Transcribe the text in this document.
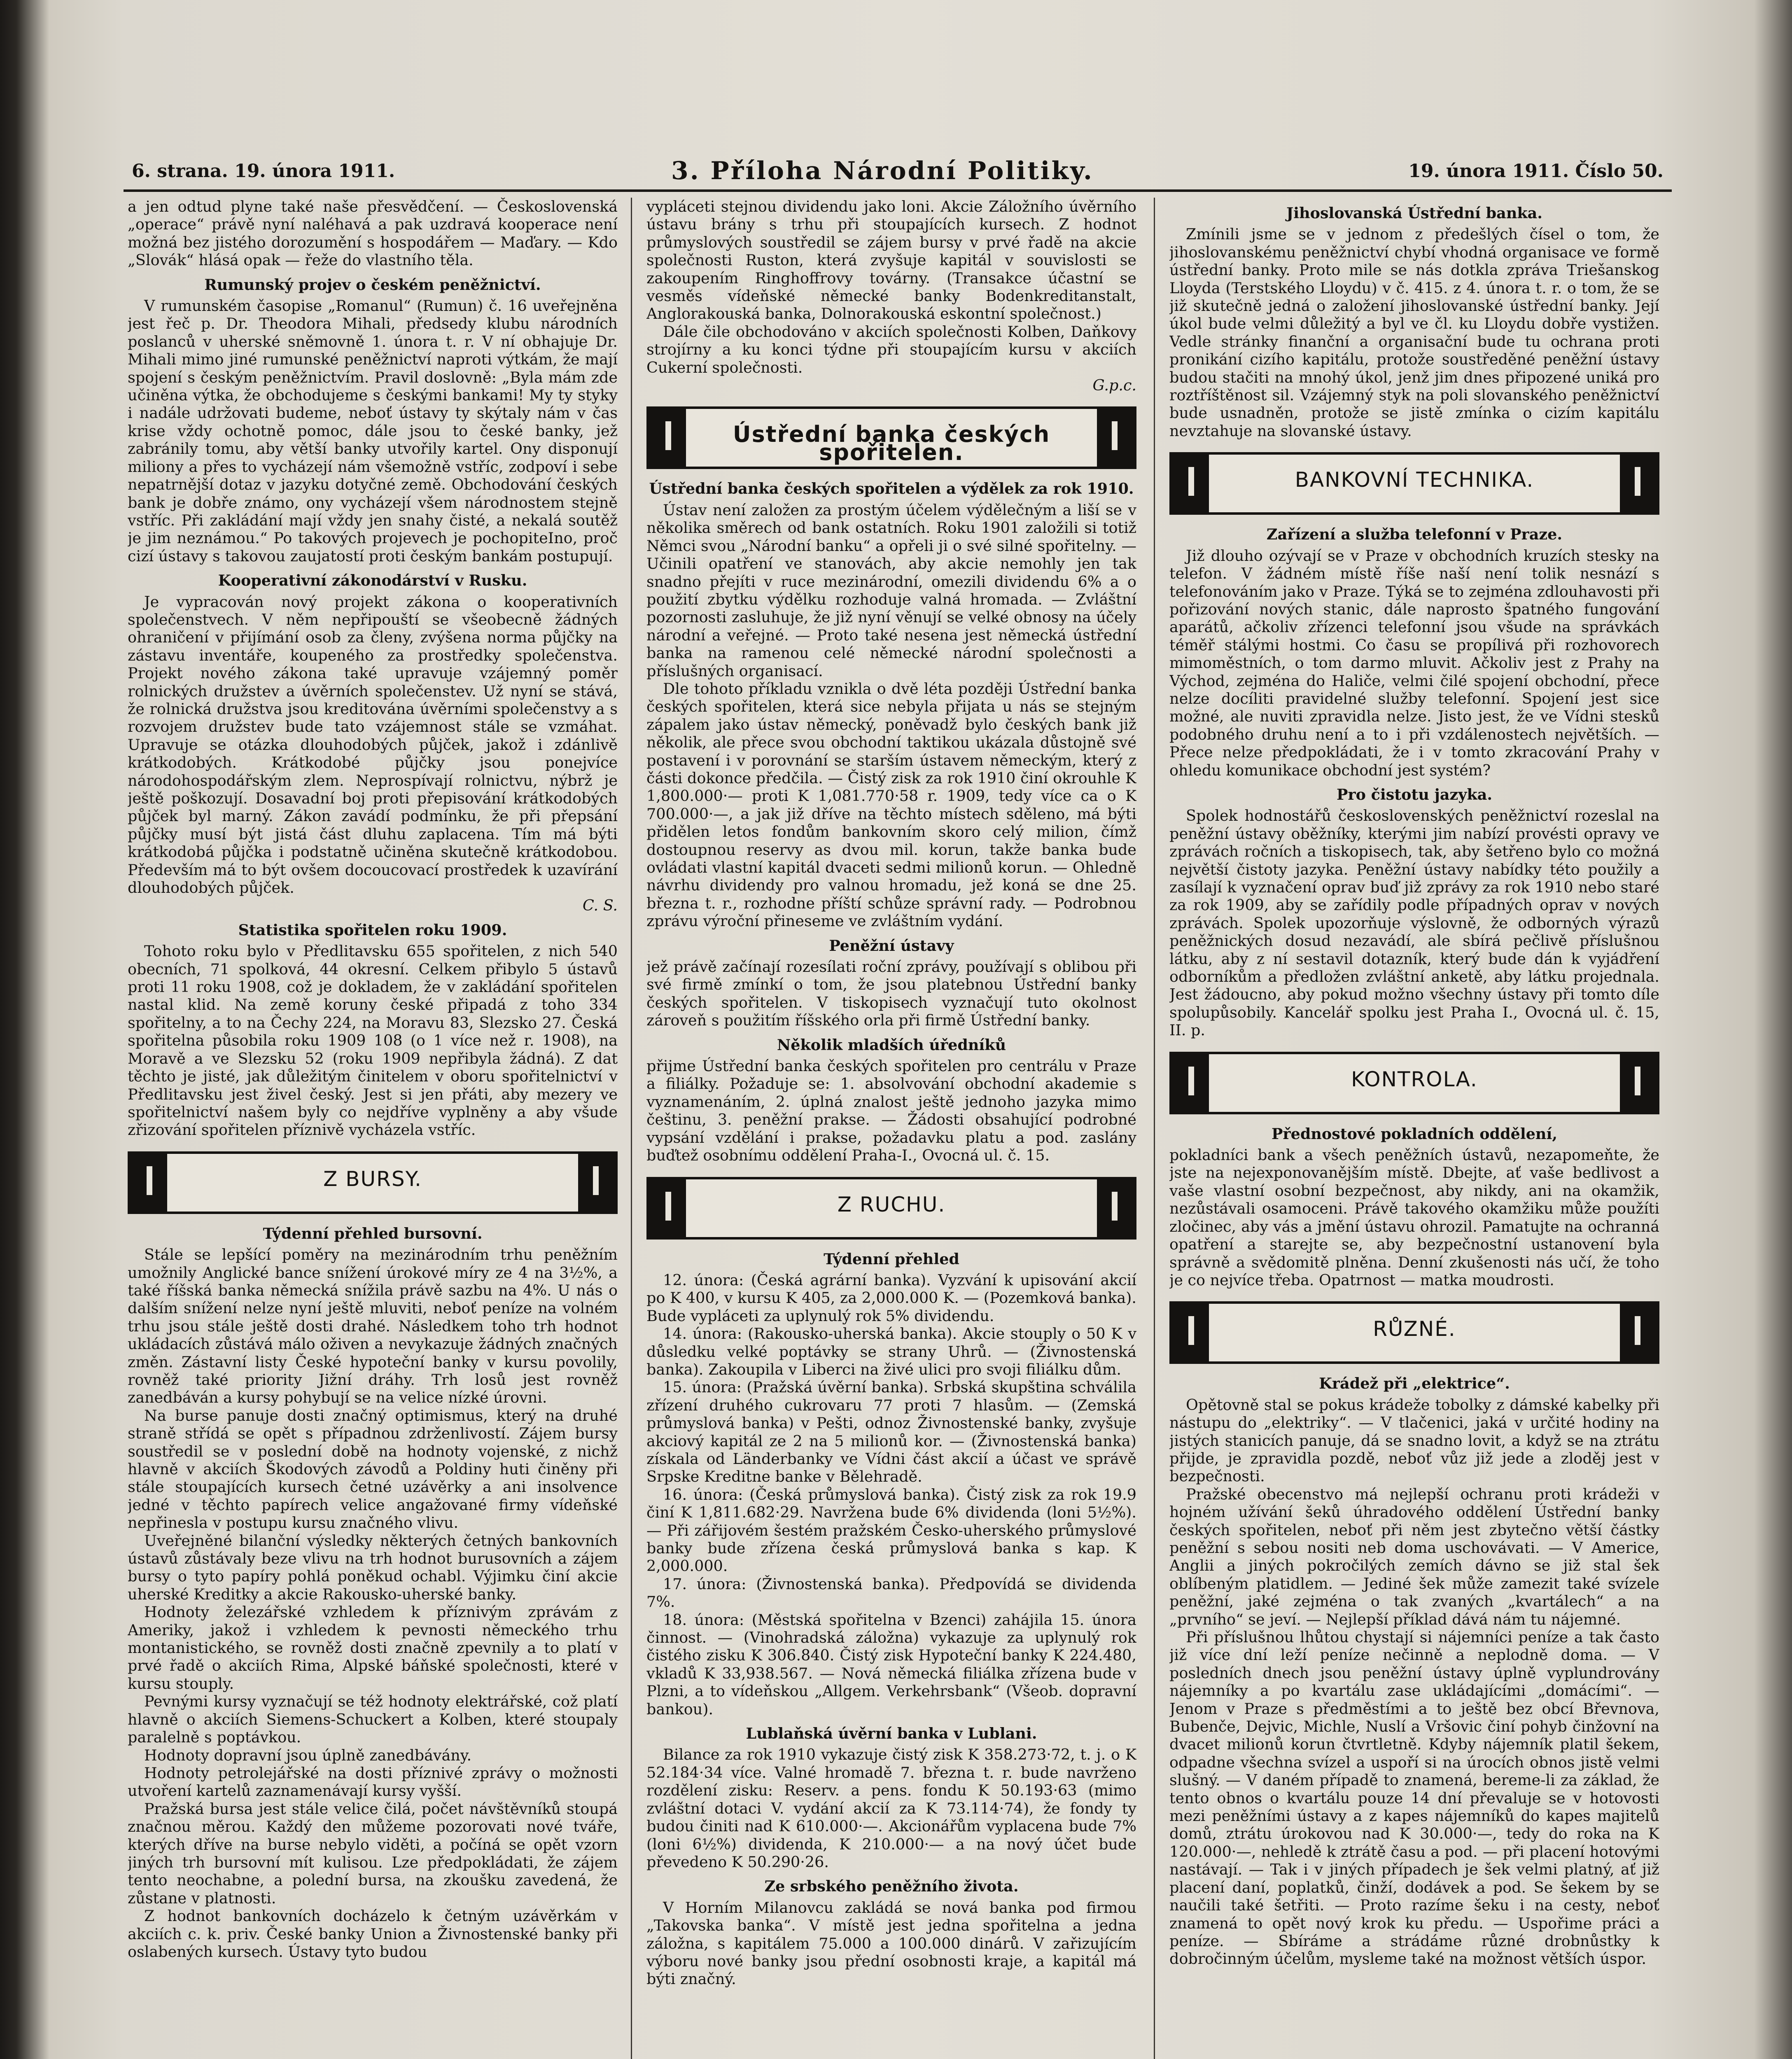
6. strana. 19. února 1911.	3. Příloha Národní Politiky.	19. února 1911. Číslo 50.

a jen odtud plyne také naše přesvědčení. — Československá „operace“ právě nyní naléhavá a pak uzdravá kooperace není možná bez jistého dorozumění s hospodářem — Maďary. — Kdo „Slovák“ hlásá opak — řeže do vlastního těla.

Rumunský projev o českém peněžnictví.

V rumunském časopise „Romanul“ (Rumun) č. 16 uveřejněna jest řeč p. Dr. Theodora Mihali, předsedy klubu národních poslanců v uherské sněmovně 1. února t. r. V ní obhajuje Dr. Mihali mimo jiné rumunské peněžnictví naproti výtkám, že mají spojení s českým peněžnictvím. Pravil doslovně: „Byla mám zde učiněna výtka, že obchodujeme s českými bankami! My ty styky i nadále udržovati budeme, neboť ústavy ty skýtaly nám v čas krise vždy ochotně pomoc, dále jsou to české banky, jež zabránily tomu, aby větší banky utvořily kartel. Ony disponují miliony a přes to vycházejí nám všemožně vstříc, zodpoví i sebe nepatrnější dotaz v jazyku dotyčné země. Obchodování českých bank je dobře známo, ony vycházejí všem národnostem stejně vstříc. Při zakládání mají vždy jen snahy čisté, a nekalá soutěž je jim neznámou.“ Po takových projevech je pochopiteIno, proč cizí ústavy s takovou zaujatostí proti českým bankám postupují.

Kooperativní zákonodárství v Rusku.

Je vypracován nový projekt zákona o kooperativních společenstvech. V něm nepřipouští se všeobecně žádných ohraničení v přijímání osob za členy, zvýšena norma půjčky na zástavu inventáře, koupeného za prostředky společenstva. Projekt nového zákona také upravuje vzájemný poměr rolnických družstev a úvěrních společenstev. Už nyní se stává, že rolnická družstva jsou kreditována úvěrními společenstvy a s rozvojem družstev bude tato vzájemnost stále se vzmáhat. Upravuje se otázka dlouhodobých půjček, jakož i zdánlivě krátkodobých. Krátkodobé půjčky jsou ponejvíce národohospodářským zlem. Neprospívají rolnictvu, nýbrž je ještě poškozují. Dosavadní boj proti přepisování krátkodobých půjček byl marný. Zákon zavádí podmínku, že při přepsání půjčky musí být jistá část dluhu zaplacena. Tím má býti krátkodobá půjčka i podstatně učiněna skutečně krátkodobou. Především má to být ovšem docoucovací prostředek k uzavírání dlouhodobých půjček.

C. S.
Statistika spořitelen roku 1909.

Tohoto roku bylo v Předlitavsku 655 spořitelen, z nich 540 obecních, 71 spolková, 44 okresní. Celkem přibylo 5 ústavů proti 11 roku 1908, což je dokladem, že v zakládání spořitelen nastal klid. Na země koruny české připadá z toho 334 spořitelny, a to na Čechy 224, na Moravu 83, Slezsko 27. Česká spořitelna působila roku 1909 108 (o 1 více než r. 1908), na Moravě a ve Slezsku 52 (roku 1909 nepřibyla žádná). Z dat těchto je jisté, jak důležitým činitelem v oboru spořitelnictví v Předlitavsku jest živel český. Jest si jen přáti, aby mezery ve spořitelnictví našem byly co nejdříve vyplněny a aby všude zřizování spořitelen příznivě vycházela vstříc.

Z BURSY.
Týdenní přehled bursovní.

Stále se lepšící poměry na mezinárodním trhu peněžním umožnily Anglické bance snížení úrokové míry ze 4 na 3½%, a také říšská banka německá snížila právě sazbu na 4%. U nás o dalším snížení nelze nyní ještě mluviti, neboť peníze na volném trhu jsou stále ještě dosti drahé. Následkem toho trh hodnot ukládacích zůstává málo oživen a nevykazuje žádných značných změn. Zástavní listy České hypoteční banky v kursu povolily, rovněž také priority Jižní dráhy. Trh losů jest rovněž zanedbáván a kursy pohybují se na velice nízké úrovni.

Na burse panuje dosti značný optimismus, který na druhé straně střídá se opět s případnou zdrženlivostí. Zájem bursy soustředil se v poslední době na hodnoty vojenské, z nichž hlavně v akciích Škodových závodů a Poldiny huti činěny při stále stoupajících kursech četné uzávěrky a ani insolvence jedné v těchto papírech velice angažované firmy vídeňské nepřinesla v postupu kursu značného vlivu.

Uveřejněné bilanční výsledky některých četných bankovních ústavů zůstávaly beze vlivu na trh hodnot burusovních a zájem bursy o tyto papíry pohlá poněkud ochabl. Výjimku činí akcie uherské Kreditky a akcie Rakousko-uherské banky.

Hodnoty železářské vzhledem k příznivým zprávám z Ameriky, jakož i vzhledem k pevnosti německého trhu montanistického, se rovněž dosti značně zpevnily a to platí v prvé řadě o akciích Rima, Alpské báňské společnosti, které v kursu stouply.

Pevnými kursy vyznačují se též hodnoty elektrářské, což platí hlavně o akciích Siemens-Schuckert a Kolben, které stoupaly paralelně s poptávkou.

Hodnoty dopravní jsou úplně zanedbávány.

Hodnoty petrolejářské na dosti příznivé zprávy o možnosti utvoření kartelů zaznamenávají kursy vyšší.

Pražská bursa jest stále velice čilá, počet návštěvníků stoupá značnou měrou. Každý den můžeme pozorovati nové tváře, kterých dříve na burse nebylo viděti, a počíná se opět vzorn jiných trh bursovní mít kulisou. Lze předpokládati, že zájem tento neochabne, a polední bursa, na zkoušku zavedená, že zůstane v platnosti.

Z hodnot bankovních docházelo k četným uzávěrkám v akciích c. k. priv. České banky Union a Živnostenské banky při oslabených kursech. Ústavy tyto budou

vypláceti stejnou dividendu jako loni. Akcie Záložního úvěrního ústavu brány s trhu při stoupajících kursech. Z hodnot průmyslových soustředil se zájem bursy v prvé řadě na akcie společnosti Ruston, která zvyšuje kapitál v souvislosti se zakoupením Ringhoffrovy továrny. (Transakce účastní se vesměs vídeňské německé banky Bodenkreditanstalt, Anglorakouská banka, Dolnorakouská eskontní společnost.)

Dále čile obchodováno v akciích společnosti Kolben, Daňkovy strojírny a ku konci týdne při stoupajícím kursu v akciích Cukerní společnosti.

G.p.c.
Ústřední banka českých spořitelen.
Ústřední banka českých spořitelen a výdělek za rok 1910.

Ústav není založen za prostým účelem výdělečným a liší se v několika směrech od bank ostatních. Roku 1901 založili si totiž Němci svou „Národní banku“ a opřeli ji o své silné spořitelny. — Učinili opatření ve stanovách, aby akcie nemohly jen tak snadno přejíti v ruce mezinárodní, omezili dividendu 6% a o použití zbytku výdělku rozhoduje valná hromada. — Zvláštní pozornosti zasluhuje, že již nyní věnují se velké obnosy na účely národní a veřejné. — Proto také nesena jest německá ústřední banka na ramenou celé německé národní společnosti a příslušných organisací.

Dle tohoto příkladu vznikla o dvě léta později Ústřední banka českých spořitelen, která sice nebyla přijata u nás se stejným zápalem jako ústav německý, poněvadž bylo českých bank již několik, ale přece svou obchodní taktikou ukázala důstojně své postavení i v porovnání se starším ústavem německým, který z části dokonce předčila. — Čistý zisk za rok 1910 činí okrouhle K 1,800.000·— proti K 1,081.770·58 r. 1909, tedy více ca o K 700.000·—, a jak již dříve na těchto místech sděleno, má býti přidělen letos fondům bankovním skoro celý milion, čímž dostoupnou reservy as dvou mil. korun, takže banka bude ovládati vlastní kapitál dvaceti sedmi milionů korun. — Ohledně návrhu dividendy pro valnou hromadu, jež koná se dne 25. března t. r., rozhodne příští schůze správní rady. — Podrobnou zprávu výroční přineseme ve zvláštním vydání.

Peněžní ústavy

jež právě začínají rozesílati roční zprávy, používají s oblibou při své firmě zmínkí o tom, že jsou platebnou Ústřední banky českých spořitelen. V tiskopisech vyznačují tuto okolnost zároveň s použitím říšského orla při firmě Ústřední banky.

Několik mladších úředníků

přijme Ústřední banka českých spořitelen pro centrálu v Praze a filiálky. Požaduje se: 1. absolvování obchodní akademie s vyznamenáním, 2. úplná znalost ještě jednoho jazyka mimo češtinu, 3. peněžní prakse. — Žádosti obsahující podrobné vypsání vzdělání i prakse, požadavku platu a pod. zaslány buďtež osobnímu oddělení Praha-I., Ovocná ul. č. 15.

Z RUCHU.
Týdenní přehled

12. února: (Česká agrární banka). Vyzvání k upisování akcií po K 400, v kursu K 405, za 2,000.000 K. — (Pozemková banka). Bude vypláceti za uplynulý rok 5% dividendu.

14. února: (Rakousko-uherská banka). Akcie stouply o 50 K v důsledku velké poptávky se strany Uhrů. — (Živnostenská banka). Zakoupila v Liberci na živé ulici pro svoji filiálku dům.

15. února: (Pražská úvěrní banka). Srbská skupština schválila zřízení druhého cukrovaru 77 proti 7 hlasům. — (Zemská průmyslová banka) v Pešti, odnoz Živnostenské banky, zvyšuje akciový kapitál ze 2 na 5 milionů kor. — (Živnostenská banka) získala od Länderbanky ve Vídni část akcií a účast ve správě Srpske Kreditne banke v Bělehradě.

16. února: (Česká průmyslová banka). Čistý zisk za rok 19.9 činí K 1,811.682·29. Navržena bude 6% dividenda (loni 5½%). — Při zářijovém šestém pražském Česko-uherského průmyslové banky bude zřízena česká průmyslová banka s kap. K 2,000.000.

17. února: (Živnostenská banka). Předpovídá se dividenda 7%.

18. února: (Městská spořitelna v Bzenci) zahájila 15. února činnost. — (Vinohradská záložna) vykazuje za uplynulý rok čistého zisku K 306.840. Čistý zisk Hypoteční banky K 224.480, vkladů K 33,938.567. — Nová německá filiálka zřízena bude v Plzni, a to vídeňskou „Allgem. Verkehrsbank“ (Všeob. dopravní bankou).

Lublaňská úvěrní banka v Lublani.

Bilance za rok 1910 vykazuje čistý zisk K 358.273·72, t. j. o K 52.184·34 více. Valné hromadě 7. března t. r. bude navrženo rozdělení zisku: Reserv. a pens. fondu K 50.193·63 (mimo zvláštní dotaci V. vydání akcií za K 73.114·74), že fondy ty budou činiti nad K 610.000·—. Akcionářům vyplacena bude 7% (loni 6½%) dividenda, K 210.000·— a na nový účet bude převedeno K 50.290·26.

Ze srbského peněžního života.

V Horním Milanovcu zakládá se nová banka pod firmou „Takovska banka“. V místě jest jedna spořitelna a jedna záložna, s kapitálem 75.000 a 100.000 dinárů. V zařizujícím výboru nové banky jsou přední osobnosti kraje, a kapitál má býti značný.

Jihoslovanská Ústřední banka.

Zmínili jsme se v jednom z předešlých čísel o tom, že jihoslovanskému peněžnictví chybí vhodná organisace ve formě ústřední banky. Proto mile se nás dotkla zpráva Triešanskog Lloyda (Terstského Lloydu) v č. 415. z 4. února t. r. o tom, že se již skutečně jedná o založení jihoslovanské ústřední banky. Její úkol bude velmi důležitý a byl ve čl. ku Lloydu dobře vystižen. Vedle stránky finanční a organisační bude tu ochrana proti pronikání cizího kapitálu, protože soustředěné peněžní ústavy budou stačiti na mnohý úkol, jenž jim dnes připozené uniká pro roztříštěnost sil. Vzájemný styk na poli slovanského peněžnictví bude usnadněn, protože se jistě zmínka o cizím kapitálu nevztahuje na slovanské ústavy.

BANKOVNÍ TECHNIKA.
Zařízení a služba telefonní v Praze.

Již dlouho ozývají se v Praze v obchodních kruzích stesky na telefon. V žádném místě říše naší není tolik nesnází s telefonováním jako v Praze. Týká se to zejména zdlouhavosti při pořizování nových stanic, dále naprosto špatného fungování aparátů, ačkoliv zřízenci telefonní jsou všude na správkách téměř stálými hostmi. Co času se propílivá při rozhovorech mimoměstních, o tom darmo mluvit. Ačkoliv jest z Prahy na Východ, zejména do Haliče, velmi čilé spojení obchodní, přece nelze docíliti pravidelné služby telefonní. Spojení jest sice možné, ale nuviti zpravidla nelze. Jisto jest, že ve Vídni stesků podobného druhu není a to i při vzdálenostech největších. — Přece nelze předpokládati, že i v tomto zkracování Prahy v ohledu komunikace obchodní jest systém?

Pro čistotu jazyka.

Spolek hodnostářů československých peněžnictví rozeslal na peněžní ústavy oběžníky, kterými jim nabízí provésti opravy ve zprávách ročních a tiskopisech, tak, aby šetřeno bylo co možná největší čistoty jazyka. Peněžní ústavy nabídky této použily a zasílají k vyznačení oprav buď již zprávy za rok 1910 nebo staré za rok 1909, aby se zařídily podle případných oprav v nových zprávách. Spolek upozorňuje výslovně, že odborných výrazů peněžnických dosud nezavádí, ale sbírá pečlivě příslušnou látku, aby z ní sestavil dotazník, který bude dán k vyjádření odborníkům a předložen zvláštní anketě, aby látku projednala. Jest žádoucno, aby pokud možno všechny ústavy při tomto díle spolupůsobily. Kancelář spolku jest Praha I., Ovocná ul. č. 15, II. p.

KONTROLA.
Přednostové pokladních oddělení,

pokladníci bank a všech peněžních ústavů, nezapomeňte, že jste na nejexponovanějším místě. Dbejte, ať vaše bedlivost a vaše vlastní osobní bezpečnost, aby nikdy, ani na okamžik, nezůstávali osamoceni. Právě takového okamžiku může použíti zločinec, aby vás a jmění ústavu ohrozil. Pamatujte na ochranná opatření a starejte se, aby bezpečnostní ustanovení byla správně a svědomitě plněna. Denní zkušenosti nás učí, že toho je co nejvíce třeba. Opatrnost — matka moudrosti.

RŮZNÉ.
Krádež při „elektrice“.

Opětovně stal se pokus krádeže tobolky z dámské kabelky při nástupu do „elektriky“. — V tlačenici, jaká v určité hodiny na jistých stanicích panuje, dá se snadno lovit, a když se na ztrátu přijde, je zpravidla pozdě, neboť vůz již jede a zloděj jest v bezpečnosti.

Pražské obecenstvo má nejlepší ochranu proti krádeži v hojném užívání šeků úhradového oddělení Ústřední banky českých spořitelen, neboť při něm jest zbytečno větší částky peněžní s sebou nositi neb doma uschovávati. — V Americe, Anglii a jiných pokročilých zemích dávno se již stal šek oblíbeným platidlem. — Jediné šek může zamezit také svízele peněžní, jaké zejména o tak zvaných „kvartálech“ a na „prvního“ se jeví. — Nejlepší příklad dává nám tu nájemné.

Při příslušnou lhůtou chystají si nájemníci peníze a tak často již více dní leží peníze nečinně a neplodně doma. — V posledních dnech jsou peněžní ústavy úplně vyplundrovány nájemníky a po kvartálu zase ukládajícími „domácími“. — Jenom v Praze s předměstími a to ještě bez obcí Břevnova, Bubenče, Dejvic, Michle, Nuslí a Vršovic činí pohyb činžovní na dvacet milionů korun čtvrtletně. Kdyby nájemník platil šekem, odpadne všechna svízel a uspoří si na úrocích obnos jistě velmi slušný. — V daném případě to znamená, bereme-li za základ, že tento obnos o kvartálu pouze 14 dní převaluje se v hotovosti mezi peněžními ústavy a z kapes nájemníků do kapes majitelů domů, ztrátu úrokovou nad K 30.000·—, tedy do roka na K 120.000·—, nehledě k ztrátě času a pod. — při placení hotovými nastávají. — Tak i v jiných případech je šek velmi platný, ať již placení daní, poplatků, činží, dodávek a pod. Se šekem by se naučili také šetřiti. — Proto razíme šeku i na cesty, neboť znamená to opět nový krok ku předu. — Uspořime práci a peníze. — Sbíráme a strádáme různé drobnůstky k dobročinným účelům, mysleme také na možnost větších úspor.
